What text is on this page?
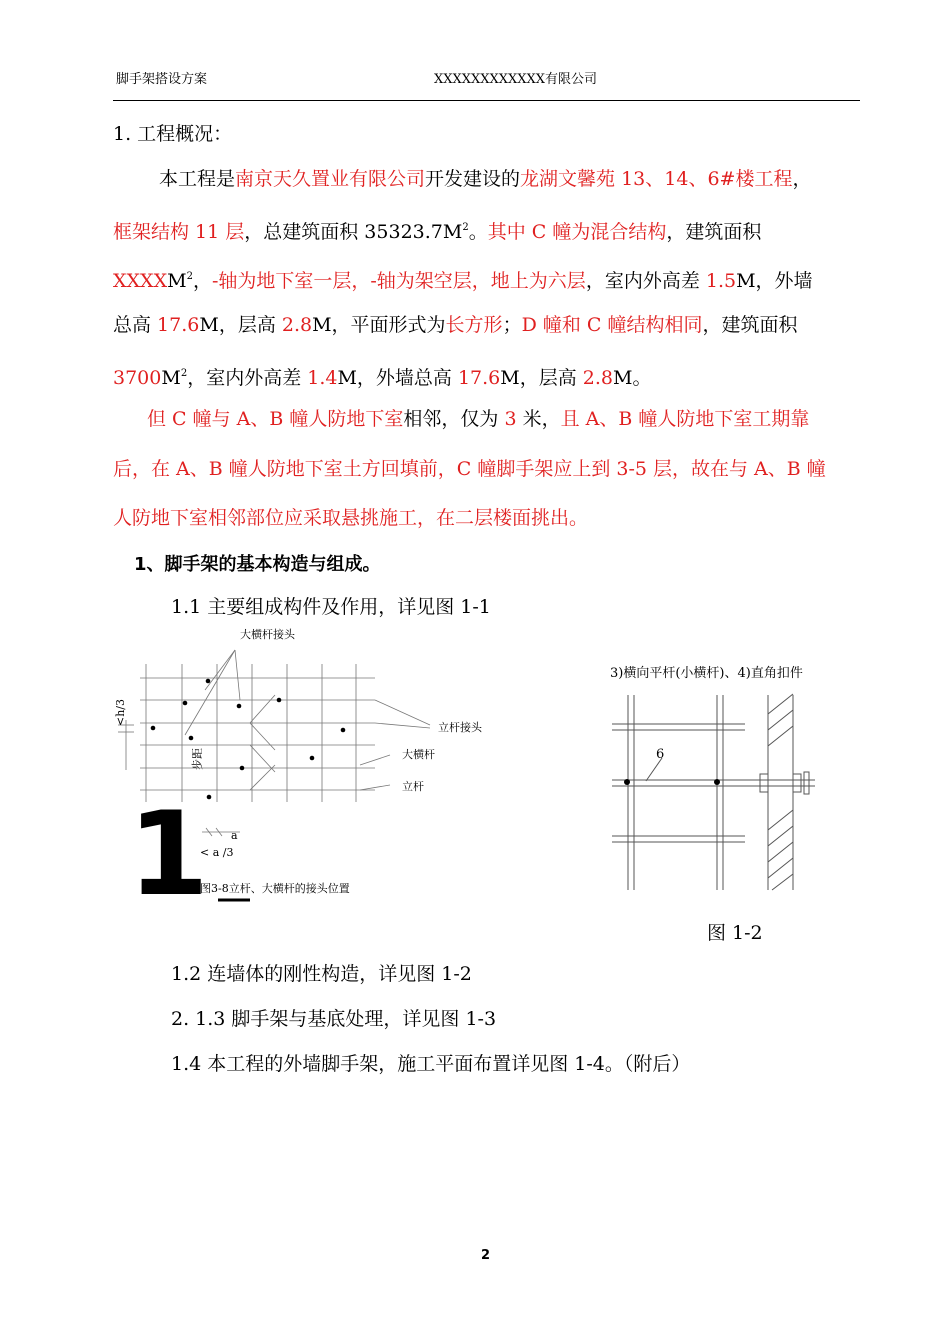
脚手架搭设方案	XXXXXXXXXXXX有限公司
1. 工程概况：
本工程是南京天久置业有限公司开发建设的龙湖文馨苑 13、14、6#楼工程，
框架结构 11 层，总建筑面积 $35323.7M^2$。其中 C 幢为混合结构，建筑面积
XXXXM$^2$，-轴为地下室一层，-轴为架空层，地上为六层，室内外高差 1.5M，外墙
总高 17.6M，层高 2.8M，平面形式为长方形；D 幢和 C 幢结构相同，建筑面积
$3700M^2$，室内外高差 1.4M，外墙总高 17.6M，层高 2.8M。
但 C 幢与 A、B 幢人防地下室相邻，仅为 3 米，且 A、B 幢人防地下室工期靠
后，在 A、B 幢人防地下室土方回填前，C 幢脚手架应上到 3-5 层，故在与 A、B 幢
人防地下室相邻部位应采取悬挑施工，在二层楼面挑出。
1、脚手架的基本构造与组成。
1.1 主要组成构件及作用，详见图 1-1
大横杆接头
立杆接头
大横杆
立杆
步距
<h/3
a
< a /3
图3-8立杆、大横杆的接头位置
1
3)横向平杆(小横杆)、4)直角扣件
6
图 1-2
1.2 连墙体的刚性构造，详见图 1-2
2. 1.3 脚手架与基底处理，详见图 1-3
1.4 本工程的外墙脚手架，施工平面布置详见图 1-4。（附后）
2
